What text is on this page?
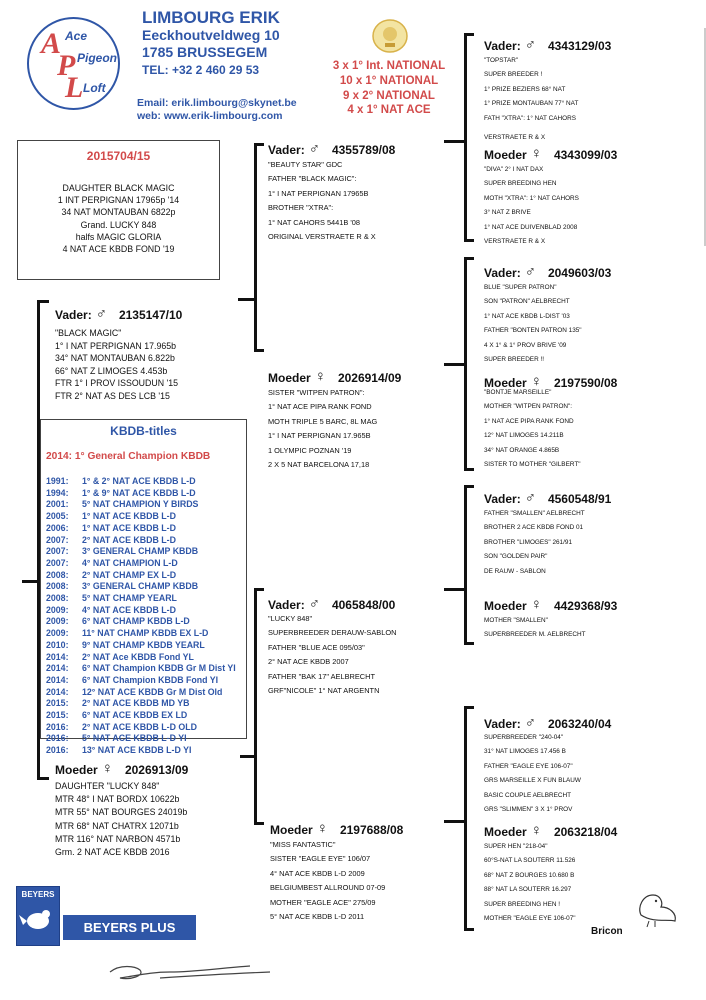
A Ace
P Pigeon
L Loft
LIMBOURG ERIK
Eeckhoutveldweg 10
1785 BRUSSEGEM
TEL: +32 2 460 29 53
Email: erik.limbourg@skynet.be
web: www.erik-limbourg.com
3 x 1° Int. NATIONAL
10 x 1° NATIONAL
9 x 2° NATIONAL
4 x 1° NAT ACE
2015704/15
DAUGHTER BLACK MAGIC
1 INT PERPIGNAN 17965p '14
34 NAT MONTAUBAN 6822p
Grand. LUCKY 848
halfs MAGIC GLORIA
4 NAT ACE KBDB FOND '19
Vader: ♂ 2135147/10
"BLACK MAGIC"
1° I NAT PERPIGNAN 17.965b
34° NAT MONTAUBAN 6.822b
66° NAT Z LIMOGES 4.453b
FTR 1° I PROV ISSOUDUN '15
FTR 2° NAT AS DES LCB '15
KBDB-titles
2014: 1° General Champion KBDB
1991: 1° & 2° NAT ACE KBDB L-D
1994: 1° & 9° NAT ACE KBDB L-D
2001: 5° NAT CHAMPION Y BIRDS
2005: 1° NAT ACE KBDB L-D
2006: 1° NAT ACE KBDB L-D
2007: 2° NAT ACE KBDB L-D
2007: 3° GENERAL CHAMP KBDB
2007: 4° NAT CHAMPION L-D
2008: 2° NAT CHAMP EX L-D
2008: 3° GENERAL CHAMP KBDB
2008: 5° NAT CHAMP YEARL
2009: 4° NAT ACE KBDB L-D
2009: 6° NAT CHAMP KBDB L-D
2009: 11° NAT CHAMP KBDB EX L-D
2010: 9° NAT CHAMP KBDB YEARL
2014: 2° NAT Ace KBDB Fond YL
2014: 6° NAT Champion KBDB Gr M Dist YI
2014: 6° NAT Champion KBDB Fond YI
2014: 12° NAT ACE KBDB Gr M Dist Old
2015: 2° NAT ACE KBDB MD YB
2015: 6° NAT ACE KBDB EX LD
2016: 2° NAT ACE KBDB L-D OLD
2016: 5° NAT ACE KBDB L-D YI
2016: 13° NAT ACE KBDB L-D YI
Moeder ♀ 2026913/09
DAUGHTER "LUCKY 848"
MTR 48° I NAT BORDX 10622b
MTR 55° NAT BOURGES 24019b
MTR 68° NAT CHATRX 12071b
MTR 116° NAT NARBON 4571b
Grm. 2 NAT ACE KBDB 2016
Vader: ♂ 4355789/08
"BEAUTY STAR" GDC
FATHER "BLACK MAGIC":
1° I NAT PERPIGNAN 17965B
BROTHER "XTRA":
1° NAT CAHORS 5441B '08
ORIGINAL VERSTRAETE R & X
Moeder ♀ 2026914/09
SISTER "WITPEN PATRON":
1° NAT ACE PIPA RANK FOND
MOTH TRIPLE 5 BARC, 8L MAG
1° I NAT PERPIGNAN 17.965B
1 OLYMPIC POZNAN '19
2 X 5 NAT BARCELONA 17,18
Vader: ♂ 4065848/00
"LUCKY 848"
SUPERBREEDER DERAUW-SABLON
FATHER "BLUE ACE 095/03"
2° NAT ACE KBDB 2007
FATHER "BAK 17" AELBRECHT
GRF"NICOLE" 1° NAT ARGENTN
Moeder ♀ 2197688/08
"MISS FANTASTIC"
SISTER "EAGLE EYE" 106/07
4° NAT ACE KBDB L-D 2009
BELGIUMBEST ALLROUND 07-09
MOTHER "EAGLE ACE" 275/09
5° NAT ACE KBDB L-D 2011
Vader: ♂ 4343129/03
"TOPSTAR"
SUPER BREEDER !
1° PRIZE BEZIERS 68° NAT
1° PRIZE MONTAUBAN 77° NAT
FATH "XTRA": 1° NAT CAHORS
VERSTRAETE R & X
Moeder ♀ 4343099/03
"DIVA" 2° I NAT DAX
SUPER BREEDING HEN
MOTH "XTRA": 1° NAT CAHORS
3° NAT Z BRIVE
1° NAT ACE DUIVENBLAD 2008
VERSTRAETE R & X
Vader: ♂ 2049603/03
BLUE "SUPER PATRON"
SON "PATRON" AELBRECHT
1° NAT ACE KBDB L-DIST '03
FATHER "BONTEN PATRON 135"
4 X 1° & 1° PROV BRIVE '09
SUPER BREEDER !!
Moeder ♀ 2197590/08
"BONTJE MARSEILLE"
MOTHER "WITPEN PATRON":
1° NAT ACE PIPA RANK FOND
12° NAT LIMOGES 14.211B
34° NAT ORANGE 4.865B
SISTER TO MOTHER "GILBERT"
Vader: ♂ 4560548/91
FATHER "SMALLEN" AELBRECHT
BROTHER 2 ACE KBDB FOND 01
BROTHER "LIMOGES" 261/91
SON "GOLDEN PAIR"
DE RAUW - SABLON
Moeder ♀ 4429368/93
MOTHER "SMALLEN"
SUPERBREEDER M. AELBRECHT
Vader: ♂ 2063240/04
SUPERBREEDER "240-04"
31° NAT LIMOGES 17.456 B
FATHER "EAGLE EYE 106-07"
GRS MARSEILLE X FUN BLAUW
BASIC COUPLE AELBRECHT
GRS "SLIMMEN" 3 X 1° PROV
Moeder ♀ 2063218/04
SUPER HEN "218-04"
60°S-NAT LA SOUTERR 11.526
68° NAT Z BOURGES 10.680 B
88° NAT LA SOUTERR 16.297
SUPER BREEDING HEN !
MOTHER "EAGLE EYE 106-07"
BEYERS
BEYERS PLUS	Bricon
